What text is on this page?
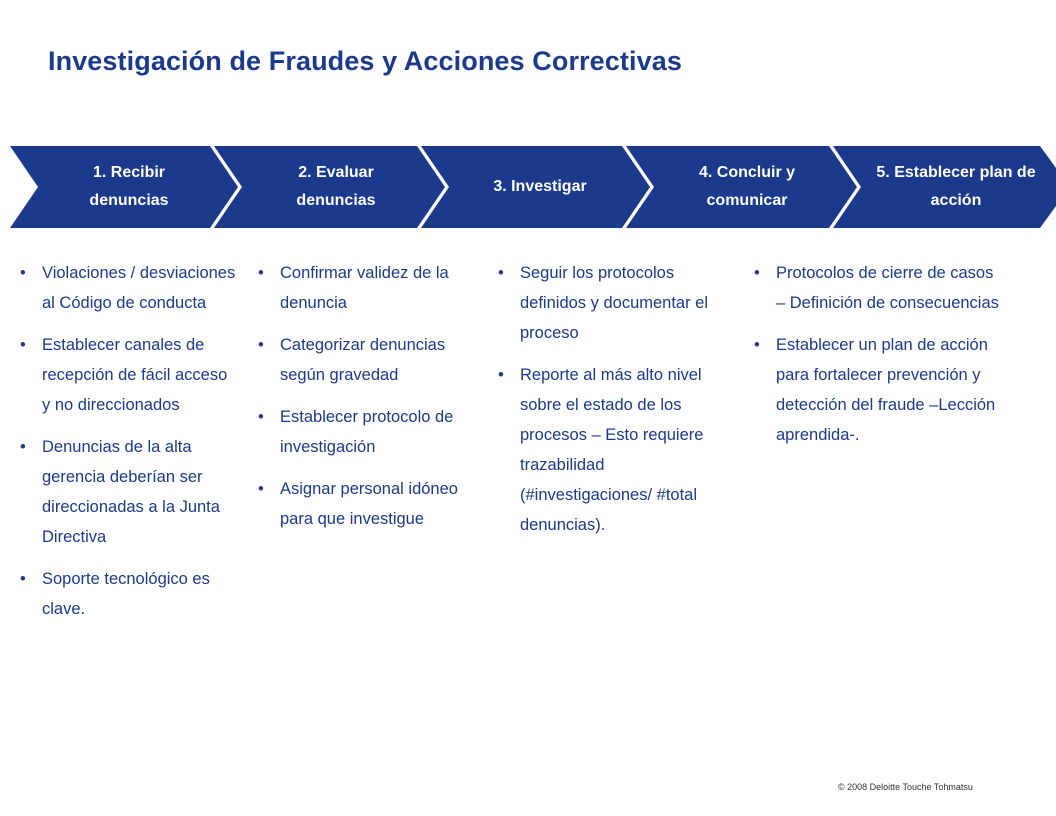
Investigación de Fraudes y Acciones Correctivas
1. Recibir denuncias
2. Evaluar denuncias
3. Investigar
4. Concluir y comunicar
5. Establecer plan de acción
• Violaciones / desviaciones al Código de conducta
• Establecer canales de recepción de fácil acceso y no direccionados
• Denuncias de la alta gerencia deberían ser direccionadas a la Junta Directiva
• Soporte tecnológico es clave.
• Confirmar validez de la denuncia
• Categorizar denuncias según gravedad
• Establecer protocolo de investigación
• Asignar personal idóneo para que investigue
• Seguir los protocolos definidos y documentar el proceso
• Reporte al más alto nivel sobre el estado de los procesos – Esto requiere trazabilidad (#investigaciones/ #total denuncias).
• Protocolos de cierre de casos – Definición de consecuencias
• Establecer un plan de acción para fortalecer prevención y detección del fraude –Lección aprendida-.
© 2008 Deloitte Touche Tohmatsu
